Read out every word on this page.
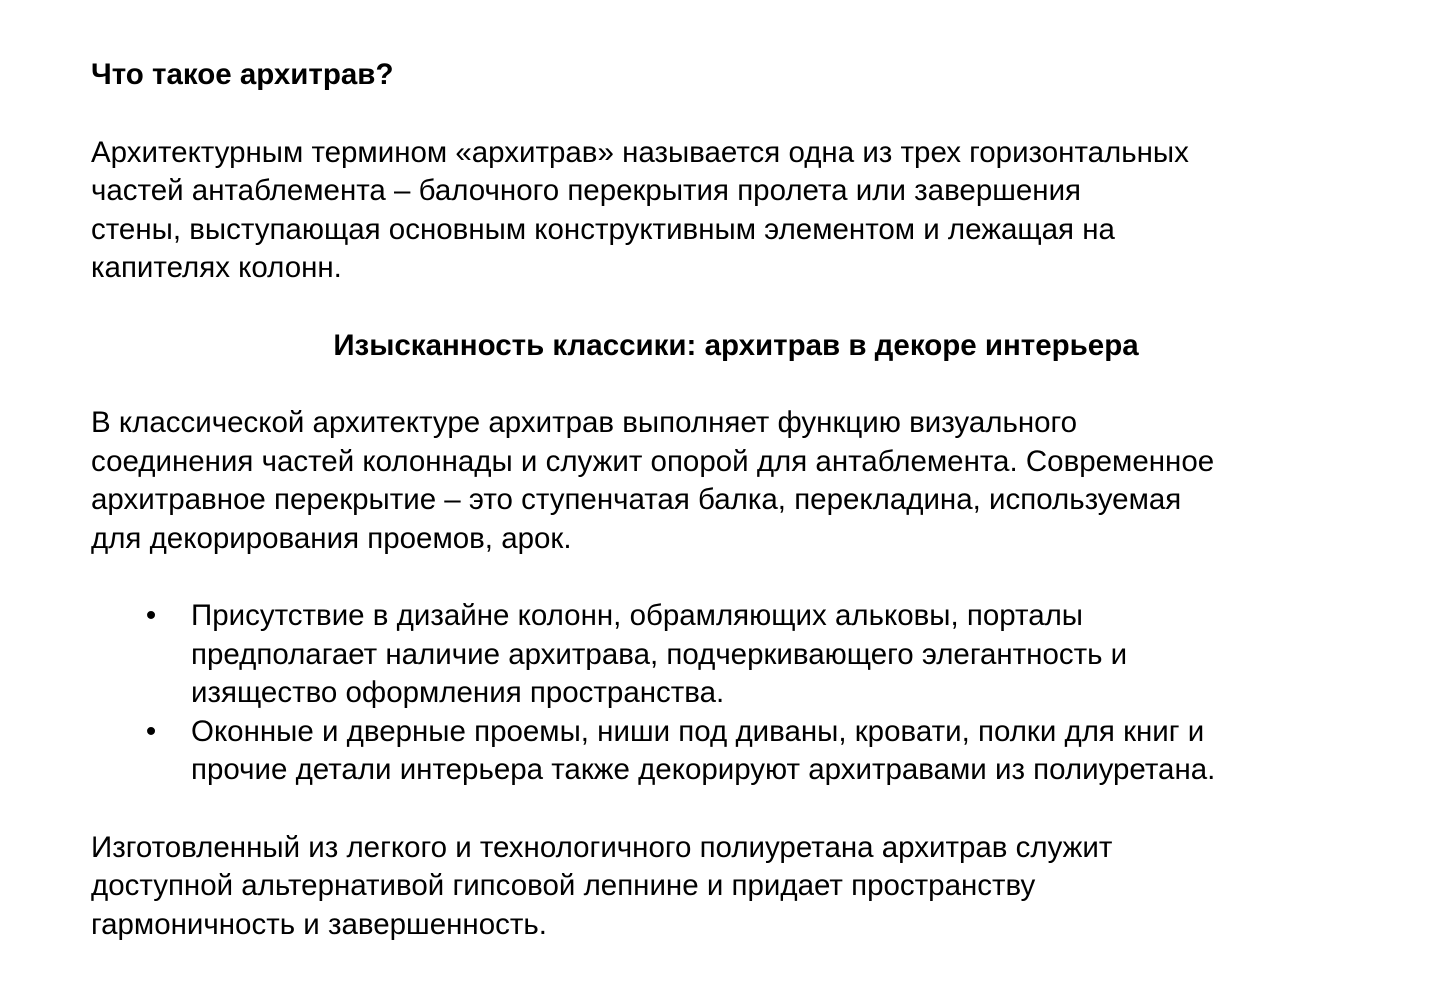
Что такое архитрав?

Архитектурным термином «архитрав» называется одна из трех горизонтальных
частей антаблемента – балочного перекрытия пролета или завершения
стены, выступающая основным конструктивным элементом и лежащая на
капителях колонн.

Изысканность классики: архитрав в декоре интерьера

В классической архитектуре архитрав выполняет функцию визуального
соединения частей колоннады и служит опорой для антаблемента. Современное
архитравное перекрытие – это ступенчатая балка, перекладина, используемая
для декорирования проемов, арок.

• Присутствие в дизайне колонн, обрамляющих альковы, порталы
предполагает наличие архитрава, подчеркивающего элегантность и
изящество оформления пространства.
• Оконные и дверные проемы, ниши под диваны, кровати, полки для книг и
прочие детали интерьера также декорируют архитравами из полиуретана.

Изготовленный из легкого и технологичного полиуретана архитрав служит
доступной альтернативой гипсовой лепнине и придает пространству
гармоничность и завершенность.
